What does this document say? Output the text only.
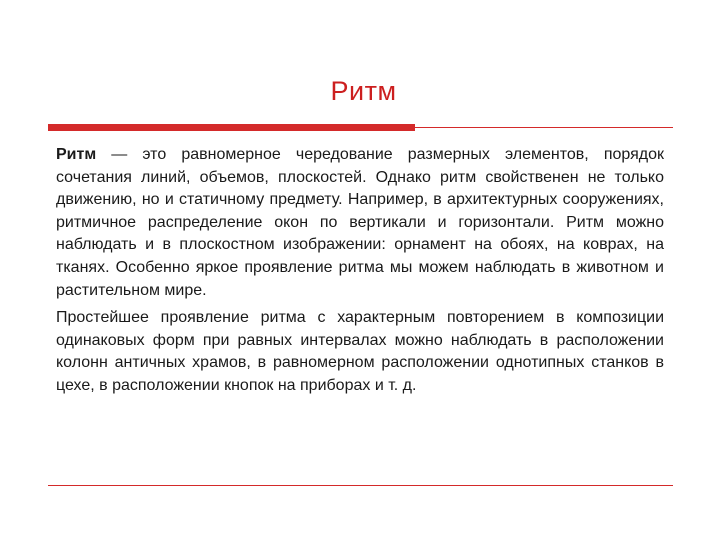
Ритм

Ритм — это равномерное чередование размерных элементов, порядок сочетания линий, объемов, плоскостей. Однако ритм свойственен не только движению, но и статичному предмету. Например, в архитектурных сооружениях, ритмичное распределение окон по вертикали и горизонтали. Ритм можно наблюдать и в плоскостном изображении: орнамент на обоях, на коврах, на тканях. Особенно яркое проявление ритма мы можем наблюдать в животном и растительном мире.

Простейшее проявление ритма с характерным повторением в композиции одинаковых форм при равных интервалах можно наблюдать в расположении колонн античных храмов, в равномерном расположении однотипных станков в цехе, в расположении кнопок на приборах и т. д.
